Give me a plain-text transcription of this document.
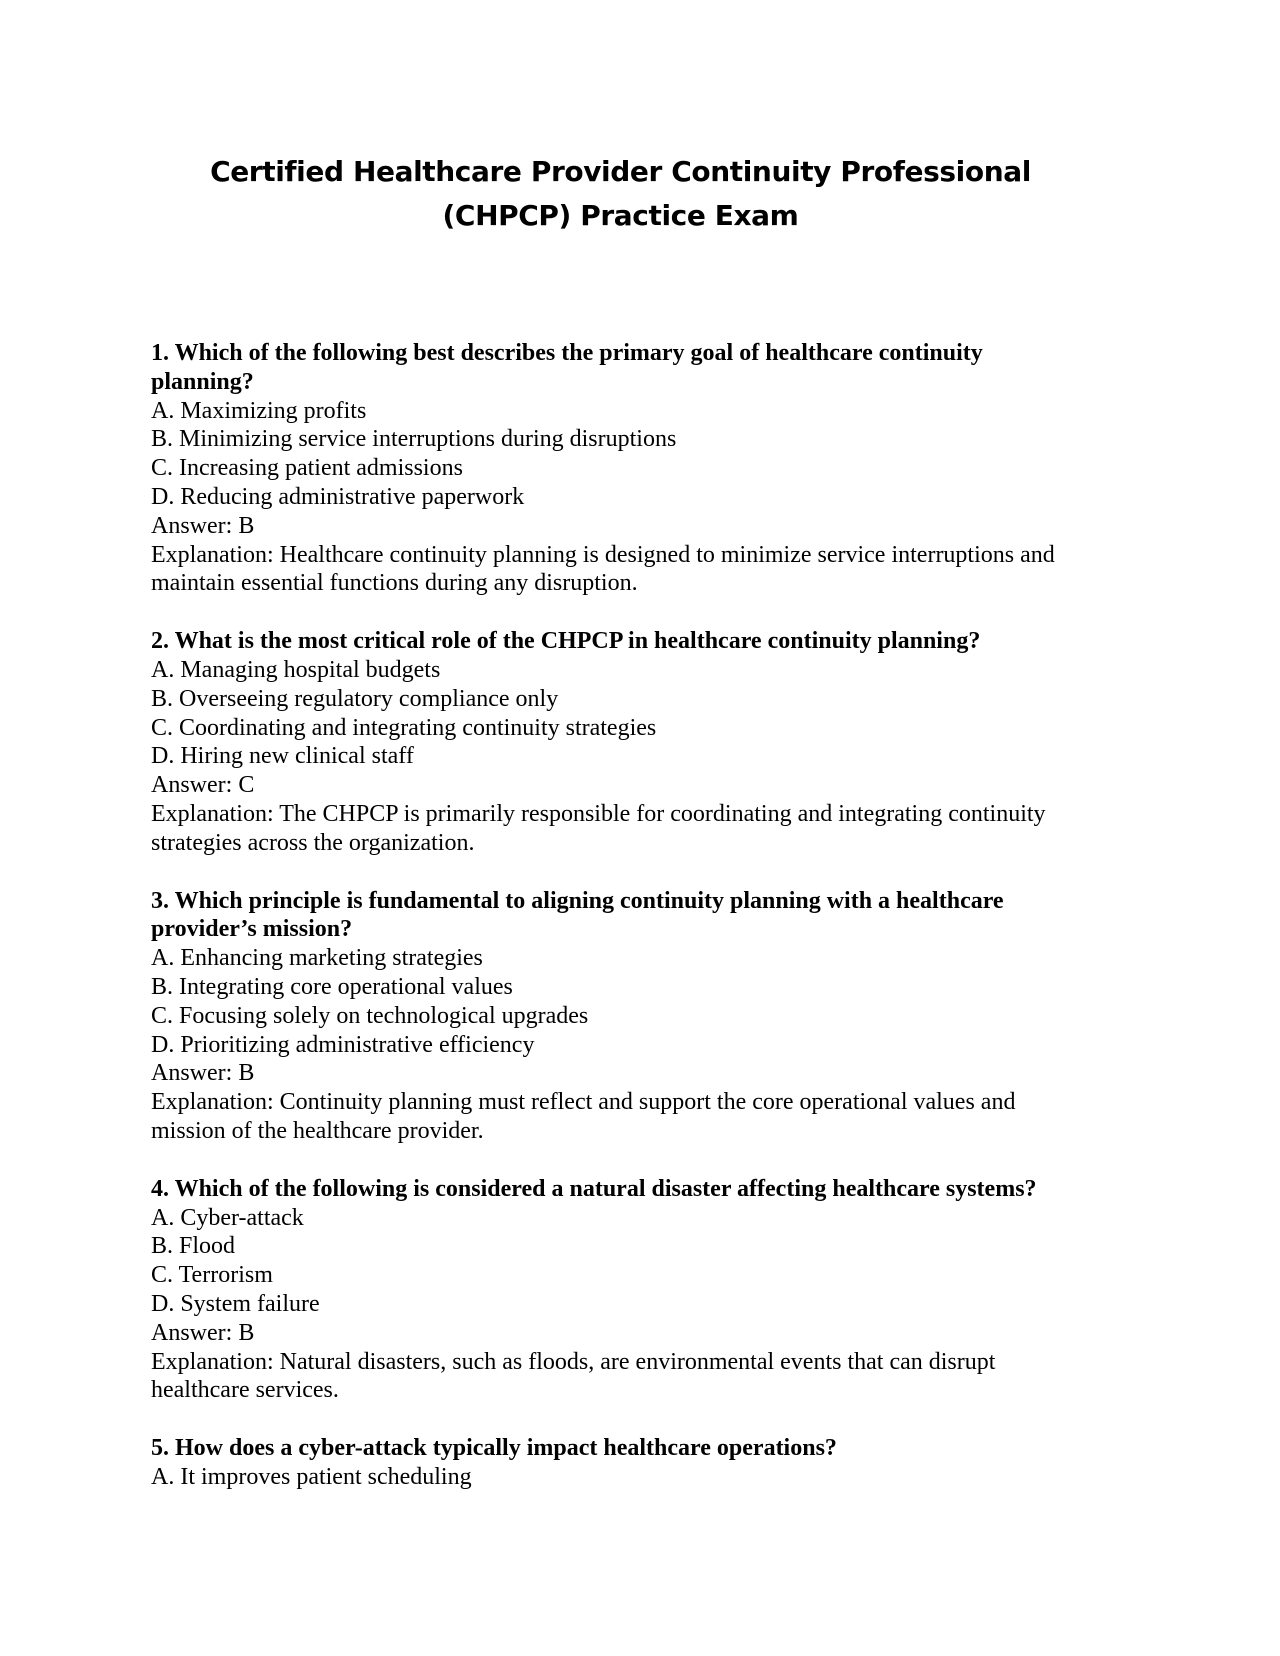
Certified Healthcare Provider Continuity Professional (CHPCP) Practice Exam

1. Which of the following best describes the primary goal of healthcare continuity planning?

A. Maximizing profits

B. Minimizing service interruptions during disruptions

C. Increasing patient admissions

D. Reducing administrative paperwork

Answer: B

Explanation: Healthcare continuity planning is designed to minimize service interruptions and maintain essential functions during any disruption.

2. What is the most critical role of the CHPCP in healthcare continuity planning?

A. Managing hospital budgets

B. Overseeing regulatory compliance only

C. Coordinating and integrating continuity strategies

D. Hiring new clinical staff

Answer: C

Explanation: The CHPCP is primarily responsible for coordinating and integrating continuity strategies across the organization.

3. Which principle is fundamental to aligning continuity planning with a healthcare provider’s mission?

A. Enhancing marketing strategies

B. Integrating core operational values

C. Focusing solely on technological upgrades

D. Prioritizing administrative efficiency

Answer: B

Explanation: Continuity planning must reflect and support the core operational values and mission of the healthcare provider.

4. Which of the following is considered a natural disaster affecting healthcare systems?

A. Cyber-attack

B. Flood

C. Terrorism

D. System failure

Answer: B

Explanation: Natural disasters, such as floods, are environmental events that can disrupt healthcare services.

5. How does a cyber-attack typically impact healthcare operations?

A. It improves patient scheduling
